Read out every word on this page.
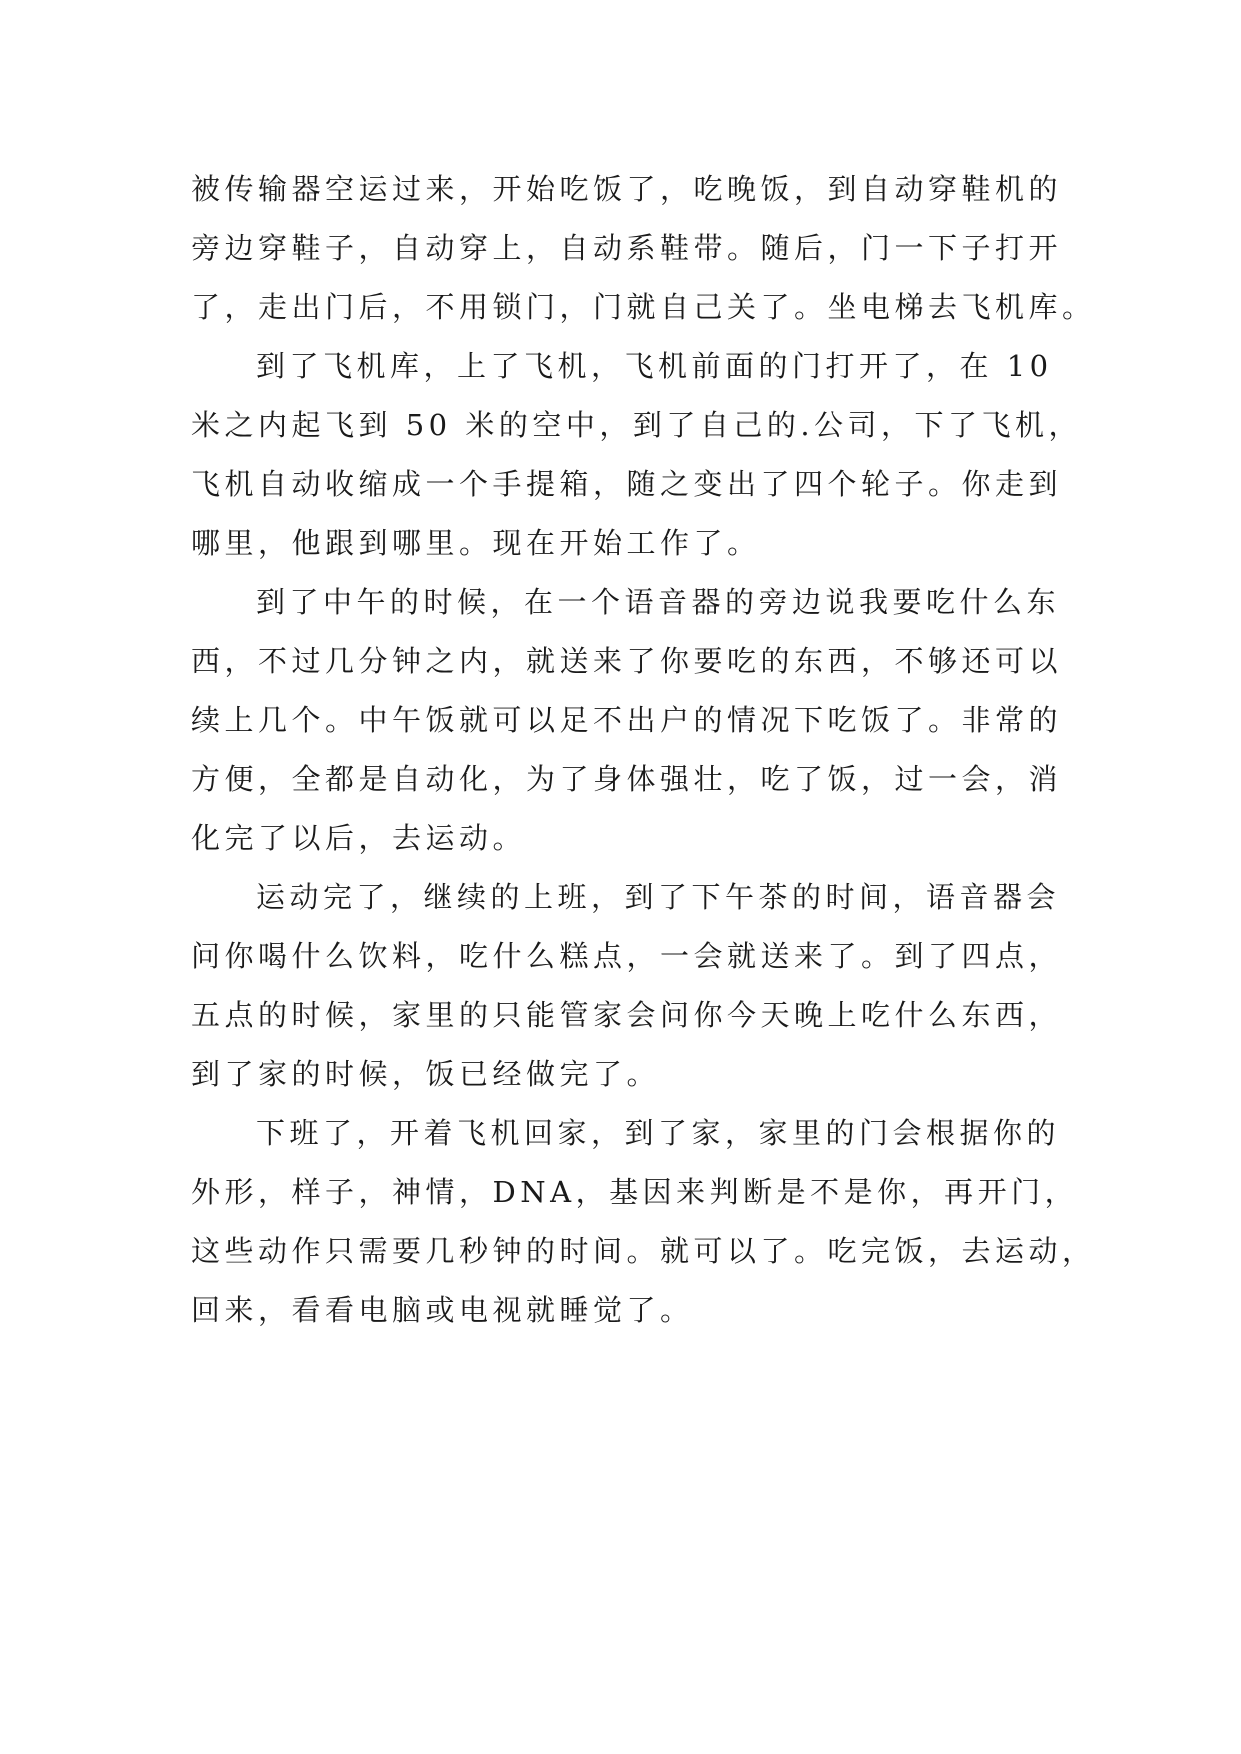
被传输器空运过来，开始吃饭了，吃晚饭，到自动穿鞋机的
旁边穿鞋子，自动穿上，自动系鞋带。随后，门一下子打开
了，走出门后，不用锁门，门就自己关了。坐电梯去飞机库。
到了飞机库，上了飞机，飞机前面的门打开了，在 10
米之内起飞到 50 米的空中，到了自己的.公司，下了飞机，
飞机自动收缩成一个手提箱，随之变出了四个轮子。你走到
哪里，他跟到哪里。现在开始工作了。
到了中午的时候，在一个语音器的旁边说我要吃什么东
西，不过几分钟之内，就送来了你要吃的东西，不够还可以
续上几个。中午饭就可以足不出户的情况下吃饭了。非常的
方便，全都是自动化，为了身体强壮，吃了饭，过一会，消
化完了以后，去运动。
运动完了，继续的上班，到了下午茶的时间，语音器会
问你喝什么饮料，吃什么糕点，一会就送来了。到了四点，
五点的时候，家里的只能管家会问你今天晚上吃什么东西，
到了家的时候，饭已经做完了。
下班了，开着飞机回家，到了家，家里的门会根据你的
外形，样子，神情，DNA，基因来判断是不是你，再开门，
这些动作只需要几秒钟的时间。就可以了。吃完饭，去运动，
回来，看看电脑或电视就睡觉了。
